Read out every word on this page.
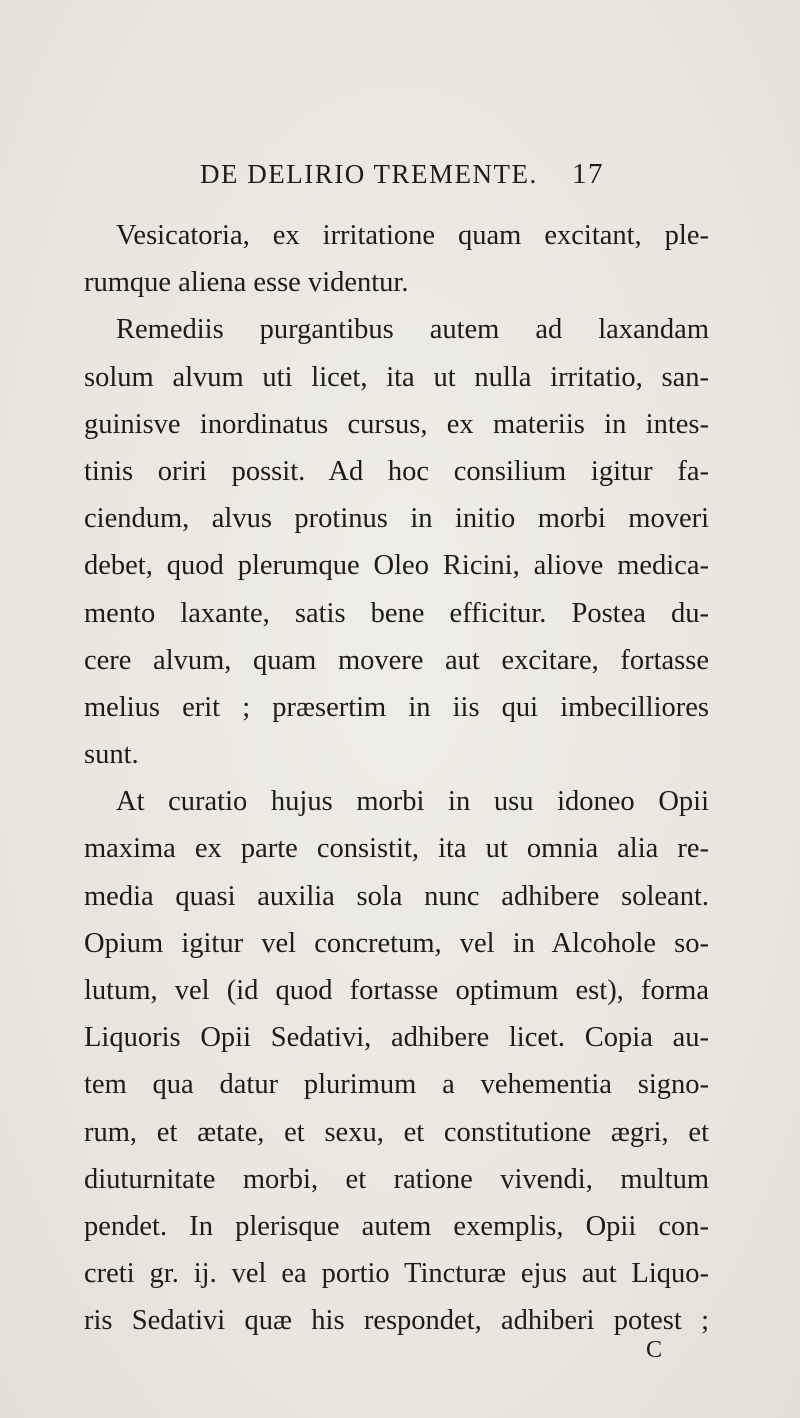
DE DELIRIO TREMENTE. 17
Vesicatoria, ex irritatione quam excitant, ple-
rumque aliena esse videntur.
Remediis purgantibus autem ad laxandam
solum alvum uti licet, ita ut nulla irritatio, san-
guinisve inordinatus cursus, ex materiis in intes-
tinis oriri possit. Ad hoc consilium igitur fa-
ciendum, alvus protinus in initio morbi moveri
debet, quod plerumque Oleo Ricini, aliove medica-
mento laxante, satis bene efficitur. Postea du-
cere alvum, quam movere aut excitare, fortasse
melius erit ; præsertim in iis qui imbecilliores
sunt.
At curatio hujus morbi in usu idoneo Opii
maxima ex parte consistit, ita ut omnia alia re-
media quasi auxilia sola nunc adhibere soleant.
Opium igitur vel concretum, vel in Alcohole so-
lutum, vel (id quod fortasse optimum est), forma
Liquoris Opii Sedativi, adhibere licet. Copia au-
tem qua datur plurimum a vehementia signo-
rum, et ætate, et sexu, et constitutione ægri, et
diuturnitate morbi, et ratione vivendi, multum
pendet. In plerisque autem exemplis, Opii con-
creti gr. ij. vel ea portio Tincturæ ejus aut Liquo-
ris Sedativi quæ his respondet, adhiberi potest ;
C
